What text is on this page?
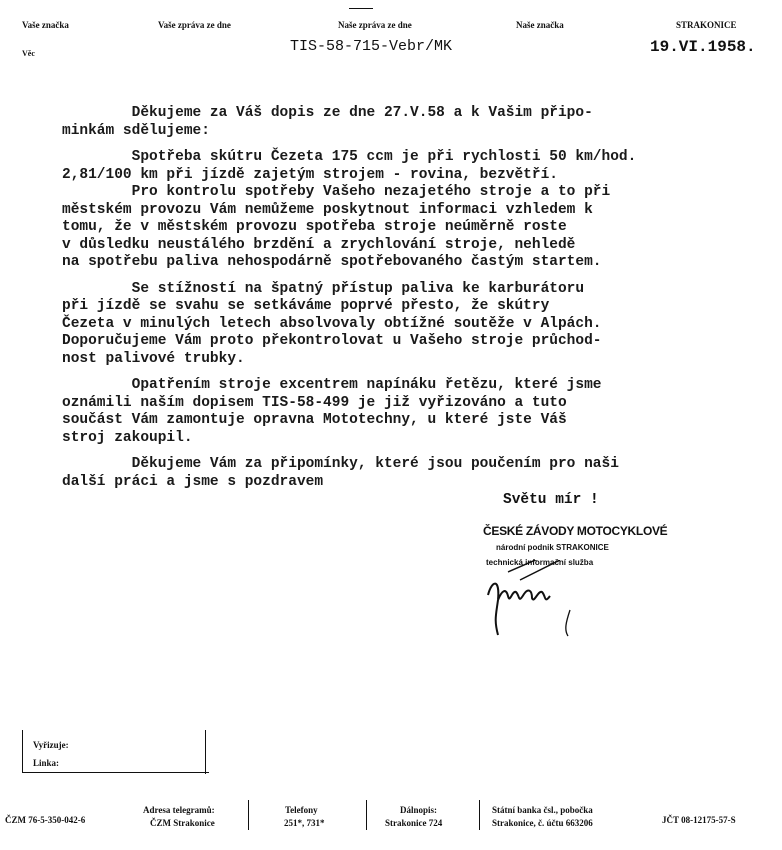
Vaše značka	Vaše zpráva ze dne	Naše zpráva ze dne	Naše značka	STRAKONICE
Věc	TIS-58-715-Vebr/MK	19.VI.1958.

Děkujeme za Váš dopis ze dne 27.V.58 a k Vašim připo-
minkám sdělujeme:

Spotřeba skútru Čezeta 175 ccm je při rychlosti 50 km/hod.
2,81/100 km při jízdě zajetým strojem - rovina, bezvětří.
Pro kontrolu spotřeby Vašeho nezajetého stroje a to při
městském provozu Vám nemůžeme poskytnout informaci vzhledem k
tomu, že v městském provozu spotřeba stroje neúměrně roste
v důsledku neustálého brzdění a zrychlování stroje, nehledě
na spotřebu paliva nehospodárně spotřebovaného častým startem.

Se stížností na špatný přístup paliva ke karburátoru
při jízdě se svahu se setkáváme poprvé přesto, že skútry
Čezeta v minulých letech absolvovaly obtížné soutěže v Alpách.
Doporučujeme Vám proto překontrolovat u Vašeho stroje průchod-
nost palivové trubky.

Opatřením stroje excentrem napínáku řetězu, které jsme
oznámili naším dopisem TIS-58-499 je již vyřizováno a tuto
součást Vám zamontuje opravna Mototechny, u které jste Váš
stroj zakoupil.

Děkujeme Vám za připomínky, které jsou poučením pro naši
další práci a jsme s pozdravem

Světu mír !
ČESKÉ ZÁVODY MOTOCYKLOVÉ
národní podnik STRAKONICE
technická informační služba
Vyřizuje:
Linka:
ČZM 76-5-350-042-6
Adresa telegramů:
ČZM Strakonice
Telefony
251*, 731*
Dálnopis:
Strakonice 724
Státní banka čsl., pobočka
Strakonice, č. účtu 663206	JČT 08-12175-57-S
